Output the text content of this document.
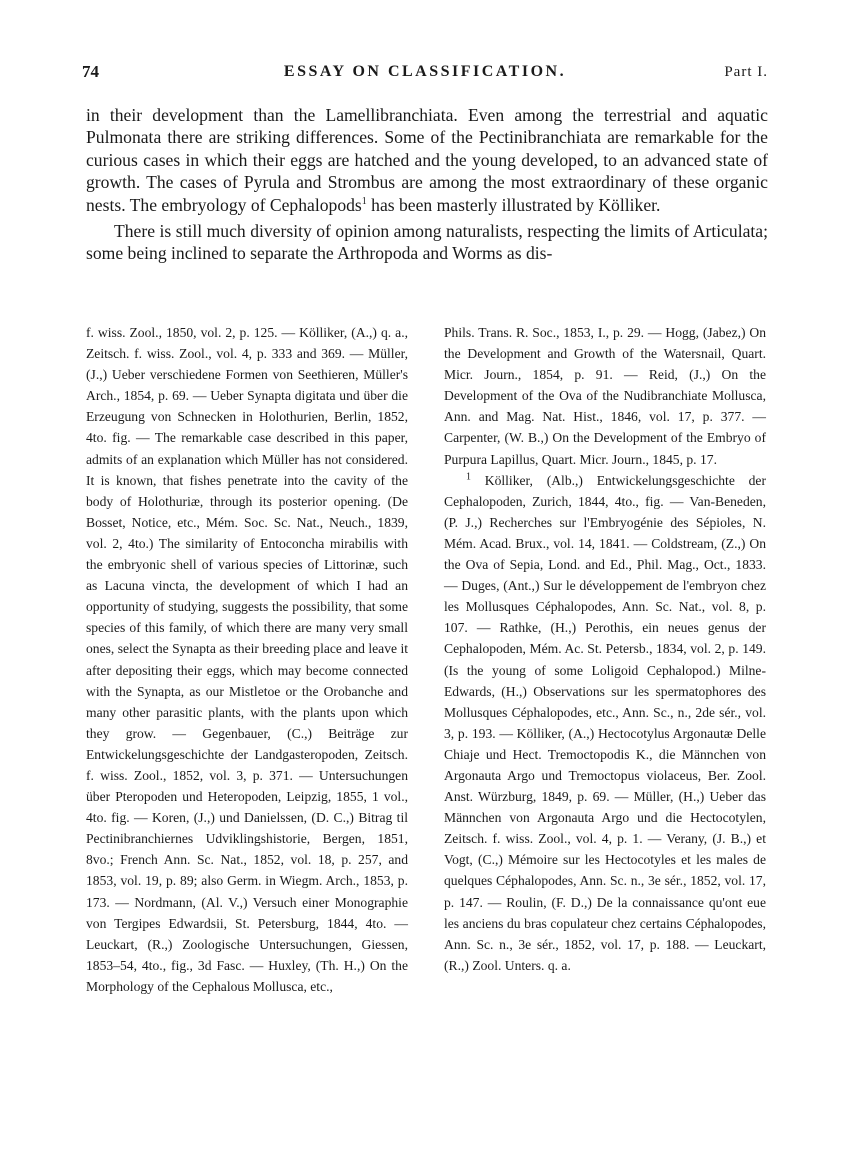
74	ESSAY ON CLASSIFICATION.	Part I.

in their development than the Lamellibranchiata. Even among the terrestrial and aquatic Pulmonata there are striking differences. Some of the Pectinibranchiata are remarkable for the curious cases in which their eggs are hatched and the young developed, to an advanced state of growth. The cases of Pyrula and Strombus are among the most extraordinary of these organic nests. The embryology of Cephalopods$^1$ has been masterly illustrated by Kölliker.

There is still much diversity of opinion among naturalists, respecting the limits of Articulata; some being inclined to separate the Arthropoda and Worms as dis-

f. wiss. Zool., 1850, vol. 2, p. 125. — Kölliker, (A.,) q. a., Zeitsch. f. wiss. Zool., vol. 4, p. 333 and 369. — Müller, (J.,) Ueber verschiedene Formen von Seethieren, Müller's Arch., 1854, p. 69. — Ueber Synapta digitata und über die Erzeugung von Schnecken in Holothurien, Berlin, 1852, 4to. fig. — The remarkable case described in this paper, admits of an explanation which Müller has not considered. It is known, that fishes penetrate into the cavity of the body of Holothuriæ, through its posterior opening. (De Bosset, Notice, etc., Mém. Soc. Sc. Nat., Neuch., 1839, vol. 2, 4to.) The similarity of Entoconcha mirabilis with the embryonic shell of various species of Littorinæ, such as Lacuna vincta, the development of which I had an opportunity of studying, suggests the possibility, that some species of this family, of which there are many very small ones, select the Synapta as their breeding place and leave it after depositing their eggs, which may become connected with the Synapta, as our Mistletoe or the Orobanche and many other parasitic plants, with the plants upon which they grow. — Gegenbauer, (C.,) Beiträge zur Entwickelungsgeschichte der Landgasteropoden, Zeitsch. f. wiss. Zool., 1852, vol. 3, p. 371. — Untersuchungen über Pteropoden und Heteropoden, Leipzig, 1855, 1 vol., 4to. fig. — Koren, (J.,) und Danielssen, (D. C.,) Bitrag til Pectinibranchiernes Udviklingshistorie, Bergen, 1851, 8vo.; French Ann. Sc. Nat., 1852, vol. 18, p. 257, and 1853, vol. 19, p. 89; also Germ. in Wiegm. Arch., 1853, p. 173. — Nordmann, (Al. V.,) Versuch einer Monographie von Tergipes Edwardsii, St. Petersburg, 1844, 4to. — Leuckart, (R.,) Zoologische Untersuchungen, Giessen, 1853–54, 4to., fig., 3d Fasc. — Huxley, (Th. H.,) On the Morphology of the Cephalous Mollusca, etc.,

Phils. Trans. R. Soc., 1853, I., p. 29. — Hogg, (Jabez,) On the Development and Growth of the Watersnail, Quart. Micr. Journ., 1854, p. 91. — Reid, (J.,) On the Development of the Ova of the Nudibranchiate Mollusca, Ann. and Mag. Nat. Hist., 1846, vol. 17, p. 377. — Carpenter, (W. B.,) On the Development of the Embryo of Purpura Lapillus, Quart. Micr. Journ., 1845, p. 17.

$^1$ Kölliker, (Alb.,) Entwickelungsgeschichte der Cephalopoden, Zurich, 1844, 4to., fig. — Van-Beneden, (P. J.,) Recherches sur l'Embryogénie des Sépioles, N. Mém. Acad. Brux., vol. 14, 1841. — Coldstream, (Z.,) On the Ova of Sepia, Lond. and Ed., Phil. Mag., Oct., 1833. — Duges, (Ant.,) Sur le développement de l'embryon chez les Mollusques Céphalopodes, Ann. Sc. Nat., vol. 8, p. 107. — Rathke, (H.,) Perothis, ein neues genus der Cephalopoden, Mém. Ac. St. Petersb., 1834, vol. 2, p. 149. (Is the young of some Loligoid Cephalopod.) Milne-Edwards, (H.,) Observations sur les spermatophores des Mollusques Céphalopodes, etc., Ann. Sc., n., 2de sér., vol. 3, p. 193. — Kölliker, (A.,) Hectocotylus Argonautæ Delle Chiaje und Hect. Tremoctopodis K., die Männchen von Argonauta Argo und Tremoctopus violaceus, Ber. Zool. Anst. Würzburg, 1849, p. 69. — Müller, (H.,) Ueber das Männchen von Argonauta Argo und die Hectocotylen, Zeitsch. f. wiss. Zool., vol. 4, p. 1. — Verany, (J. B.,) et Vogt, (C.,) Mémoire sur les Hectocotyles et les males de quelques Céphalopodes, Ann. Sc. n., 3e sér., 1852, vol. 17, p. 147. — Roulin, (F. D.,) De la connaissance qu'ont eue les anciens du bras copulateur chez certains Céphalopodes, Ann. Sc. n., 3e sér., 1852, vol. 17, p. 188. — Leuckart, (R.,) Zool. Unters. q. a.
